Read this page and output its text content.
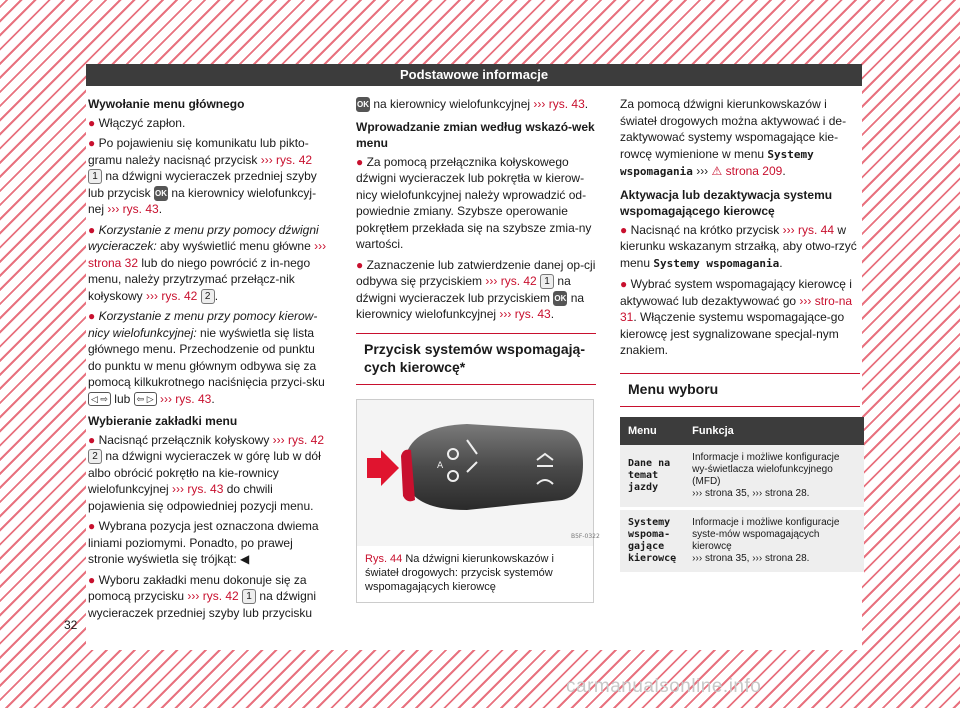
Podstawowe informacje
Wywołanie menu głównego
● Włączyć zapłon.
● Po pojawieniu się komunikatu lub pikto-gramu należy nacisnąć przycisk ››› rys. 42 1 na dźwigni wycieraczek przedniej szyby lub przycisk OK na kierownicy wielofunkcyj-nej ››› rys. 43.
● Korzystanie z menu przy pomocy dźwigni wycieraczek: aby wyświetlić menu główne ››› strona 32 lub do niego powrócić z in-nego menu, należy przytrzymać przełącz-nik kołyskowy ››› rys. 42 2 .
● Korzystanie z menu przy pomocy kierow-nicy wielofunkcyjnej: nie wyświetla się lista głównego menu. Przechodzenie od punktu do punktu w menu głównym odbywa się za pomocą kilkukrotnego naciśnięcia przyci-sku ◁ ⇨ lub ⇦ ▷ ››› rys. 43.
Wybieranie zakładki menu
● Nacisnąć przełącznik kołyskowy ››› rys. 42 2 na dźwigni wycieraczek w górę lub w dół albo obrócić pokrętło na kie-rownicy wielofunkcyjnej ››› rys. 43 do chwili pojawienia się odpowiedniej pozycji menu.
● Wybrana pozycja jest oznaczona dwiema liniami poziomymi. Ponadto, po prawej stronie wyświetla się trójkąt: ◀
● Wyboru zakładki menu dokonuje się za pomocą przycisku ››› rys. 42 1 na dźwigni wycieraczek przedniej szyby lub przycisku
OK na kierownicy wielofunkcyjnej ››› rys. 43.
Wprowadzanie zmian według wskazó-wek menu
● Za pomocą przełącznika kołyskowego dźwigni wycieraczek lub pokrętła w kierow-nicy wielofunkcyjnej należy wprowadzić od-powiednie zmiany. Szybsze operowanie pokrętłem przekłada się na szybsze zmia-ny wartości.
● Zaznaczenie lub zatwierdzenie danej op-cji odbywa się przyciskiem ››› rys. 42 1 na dźwigni wycieraczek lub przyciskiem OK na kierownicy wielofunkcyjnej ››› rys. 43.
Przycisk systemów wspomagają-cych kierowcę*
A
B5F-0322
Rys. 44 Na dźwigni kierunkowskazów i świateł drogowych: przycisk systemów wspomagających kierowcę
Za pomocą dźwigni kierunkowskazów i świateł drogowych można aktywować i de-zaktywować systemy wspomagające kie-rowcę wymienione w menu Systemy wspomagania ››› ⚠ strona 209.
Aktywacja lub dezaktywacja systemu wspomagającego kierowcę
● Nacisnąć na krótko przycisk ››› rys. 44 w kierunku wskazanym strzałką, aby otwo-rzyć menu Systemy wspomagania.
● Wybrać system wspomagający kierowcę i aktywować lub dezaktywować go ››› stro-na 31. Włączenie systemu wspomagające-go kierowcę jest sygnalizowane specjal-nym znakiem.
Menu wyboru
Menu	Funkcja
Dane na temat jazdy	Informacje i możliwe konfiguracje wy-świetlacza wielofunkcyjnego (MFD)
››› strona 35, ››› strona 28.
Systemy wspoma-gające kierowcę	Informacje i możliwe konfiguracje syste-mów wspomagających kierowcę
››› strona 35, ››› strona 28.
32
carmanualsonline.info
